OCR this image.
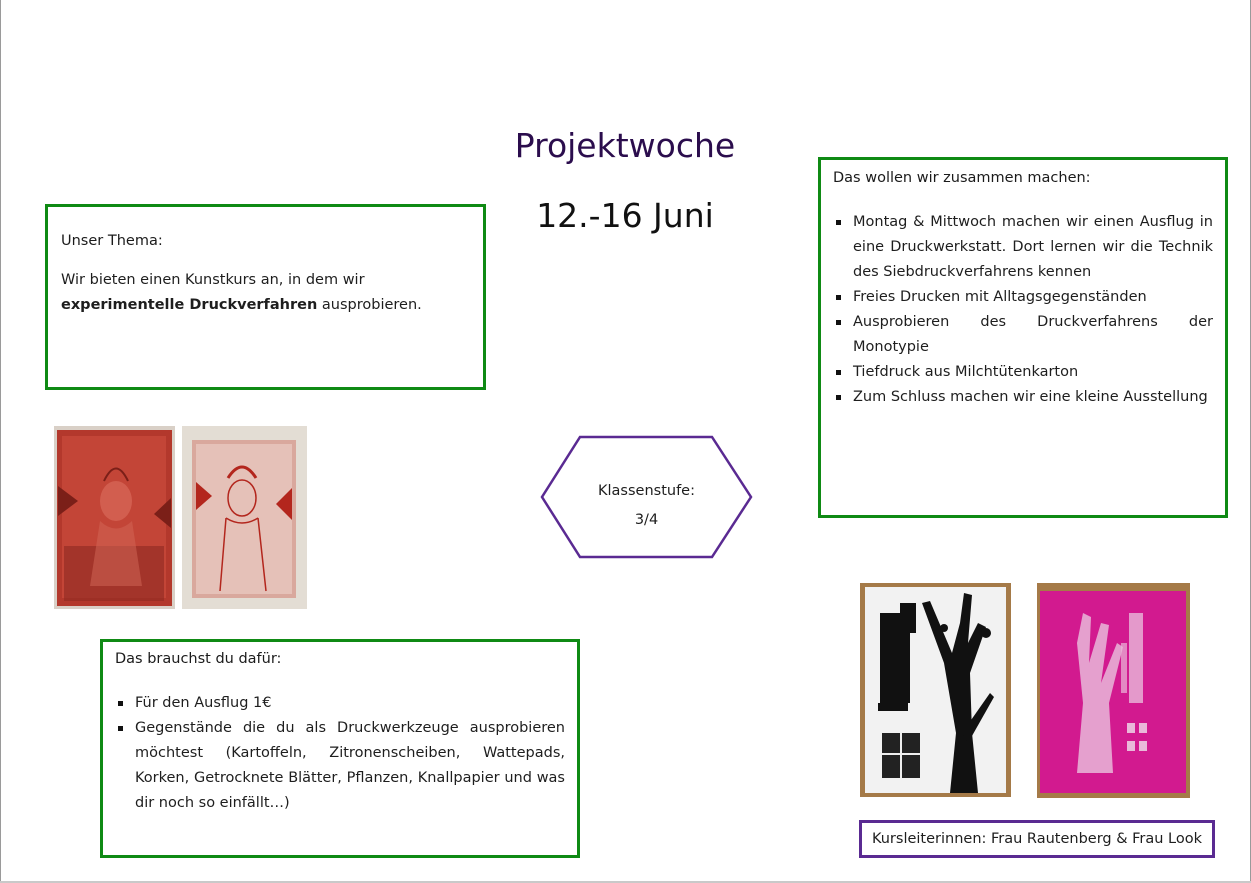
Projektwoche
12.-16 Juni
Unser Thema:

Wir bieten einen Kunstkurs an, in dem wir experimentelle Druckverfahren ausprobieren.

Das wollen wir zusammen machen:
Montag & Mittwoch machen wir einen Ausflug in eine Druckwerkstatt. Dort lernen wir die Technik des Siebdruckverfahrens kennen
Freies Drucken mit Alltagsgegenständen
Ausprobieren des Druckverfahrens der Monotypie
Tiefdruck aus Milchtütenkarton
Zum Schluss machen wir eine kleine Ausstellung
Klassenstufe:
3/4
Das brauchst du dafür:
Für den Ausflug 1€
Gegenstände die du als Druckwerkzeuge ausprobieren möchtest (Kartoffeln, Zitronenscheiben, Wattepads, Korken, Getrocknete Blätter, Pflanzen, Knallpapier und was dir noch so einfällt…)
Kursleiterinnen: Frau Rautenberg & Frau Look
